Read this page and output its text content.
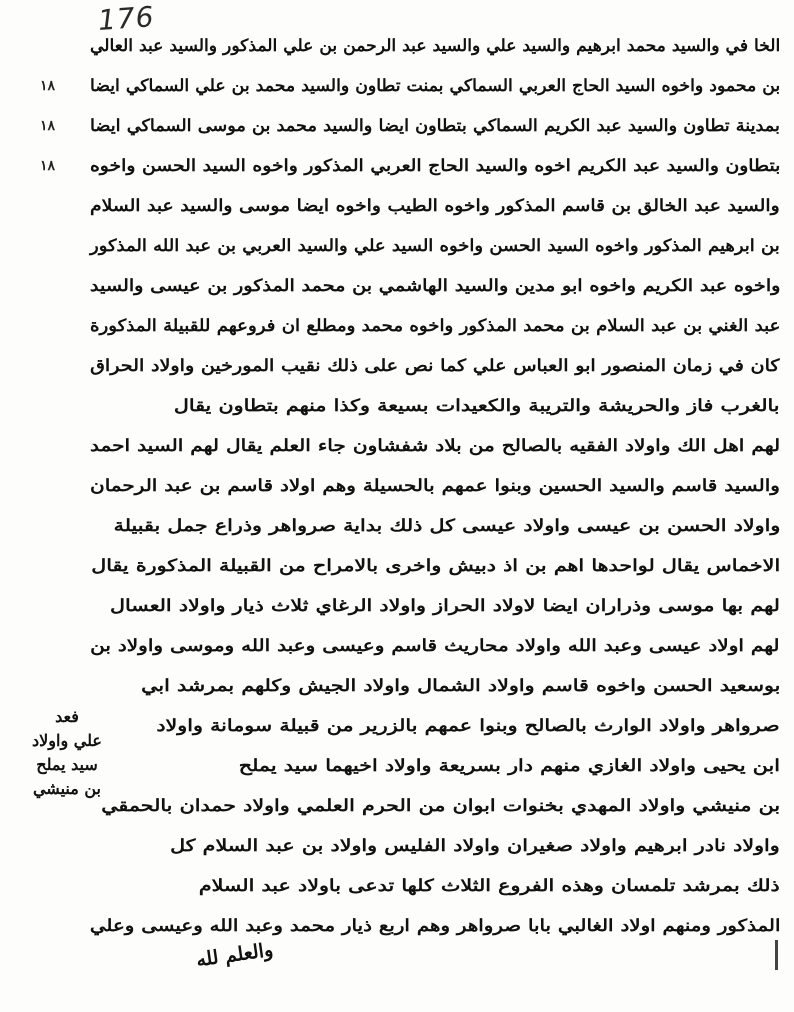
176
الخا في والسيد محمد ابرهيم والسيد علي والسيد عبد الرحمن بن علي المذكور والسيد عبد العالي
بن محمود واخوه السيد الحاج العربي السماكي بمنت تطاون والسيد محمد بن علي السماكي ايضا
١٨
بمدينة تطاون والسيد عبد الكريم السماكي بتطاون ايضا والسيد محمد بن موسى السماكي ايضا
١٨
بتطاون والسيد عبد الكريم اخوه والسيد الحاج العربي المذكور واخوه السيد الحسن واخوه
١٨
والسيد عبد الخالق بن قاسم المذكور واخوه الطيب واخوه ايضا موسى والسيد عبد السلام
بن ابرهيم المذكور واخوه السيد الحسن واخوه السيد علي والسيد العربي بن عبد الله المذكور
واخوه عبد الكريم واخوه ابو مدين والسيد الهاشمي بن محمد المذكور بن عيسى والسيد
عبد الغني بن عبد السلام بن محمد المذكور واخوه محمد ومطلع ان فروعهم للقبيلة المذكورة
كان في زمان المنصور ابو العباس علي كما نص على ذلك نقيب المورخين واولاد الحراق
بالغرب فاز والحريشة والتريبة والكعيدات بسيعة وكذا منهم بتطاون يقال
لهم اهل الك واولاد الفقيه بالصالح من بلاد شفشاون جاء العلم يقال لهم السيد احمد
والسيد قاسم والسيد الحسين وبنوا عمهم بالحسيلة وهم اولاد قاسم بن عبد الرحمان
واولاد الحسن بن عيسى واولاد عيسى كل ذلك بداية صرواهر وذراع جمل بقبيلة
الاخماس يقال لواحدها اهم بن اذ دبيش واخرى بالامراح من القبيلة المذكورة يقال
لهم بها موسى وذراران ايضا لاولاد الحراز واولاد الرغاي ثلاث ذيار واولاد العسال
لهم اولاد عيسى وعبد الله واولاد محاريث قاسم وعيسى وعبد الله وموسى واولاد بن
بوسعيد الحسن واخوه قاسم واولاد الشمال واولاد الجيش وكلهم بمرشد ابي
صرواهر واولاد الوارث بالصالح وبنوا عمهم بالزرير من قبيلة سومانة واولاد
ابن يحيى واولاد الغازي منهم دار بسريعة واولاد اخيهما سيد يملح
بن منيشي واولاد المهدي بخنوات ابوان من الحرم العلمي واولاد حمدان بالحمقي
واولاد نادر ابرهيم واولاد صغيران واولاد الفليس واولاد بن عبد السلام كل
ذلك بمرشد تلمسان وهذه الفروع الثلاث كلها تدعى باولاد عبد السلام
المذكور ومنهم اولاد الغالبي بابا صرواهر وهم اربع ذيار محمد وعبد الله وعيسى وعلي
فعد
علي واولاد
سيد يملح
بن منيشي
والعلم لله
